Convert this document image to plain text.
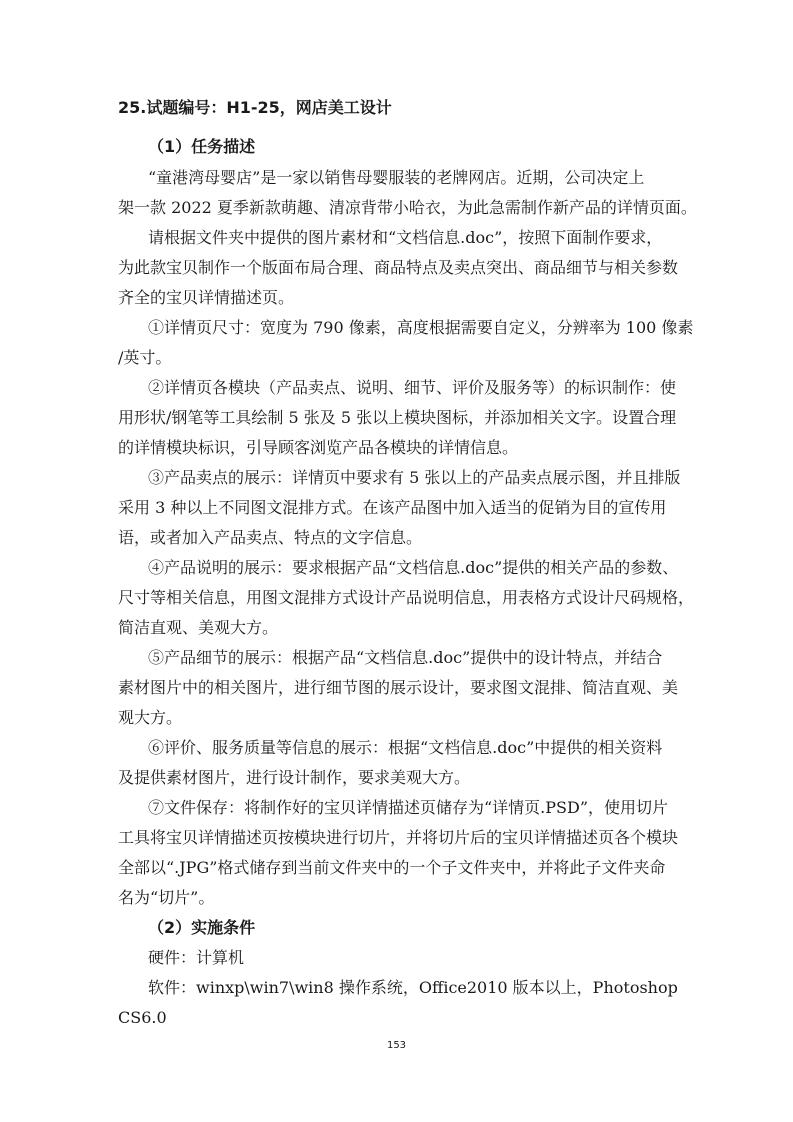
25.试题编号：H1-25，网店美工设计
（1）任务描述
“童港湾母婴店”是一家以销售母婴服装的老牌网店。近期，公司决定上
架一款 2022 夏季新款萌趣、清凉背带小哈衣，为此急需制作新产品的详情页面。
请根据文件夹中提供的图片素材和“文档信息.doc”，按照下面制作要求，
为此款宝贝制作一个版面布局合理、商品特点及卖点突出、商品细节与相关参数
齐全的宝贝详情描述页。
①详情页尺寸：宽度为 790 像素，高度根据需要自定义，分辨率为 100 像素
/英寸。
②详情页各模块（产品卖点、说明、细节、评价及服务等）的标识制作：使
用形状/钢笔等工具绘制 5 张及 5 张以上模块图标，并添加相关文字。设置合理
的详情模块标识，引导顾客浏览产品各模块的详情信息。
③产品卖点的展示：详情页中要求有 5 张以上的产品卖点展示图，并且排版
采用 3 种以上不同图文混排方式。在该产品图中加入适当的促销为目的宣传用
语，或者加入产品卖点、特点的文字信息。
④产品说明的展示：要求根据产品“文档信息.doc”提供的相关产品的参数、
尺寸等相关信息，用图文混排方式设计产品说明信息，用表格方式设计尺码规格，
简洁直观、美观大方。
⑤产品细节的展示：根据产品“文档信息.doc”提供中的设计特点，并结合
素材图片中的相关图片，进行细节图的展示设计，要求图文混排、简洁直观、美
观大方。
⑥评价、服务质量等信息的展示：根据“文档信息.doc”中提供的相关资料
及提供素材图片，进行设计制作，要求美观大方。
⑦文件保存：将制作好的宝贝详情描述页储存为“详情页.PSD”，使用切片
工具将宝贝详情描述页按模块进行切片，并将切片后的宝贝详情描述页各个模块
全部以“.JPG”格式储存到当前文件夹中的一个子文件夹中，并将此子文件夹命
名为“切片”。
（2）实施条件
硬件：计算机
软件：winxp\win7\win8 操作系统，Office2010 版本以上，Photoshop
CS6.0
153
